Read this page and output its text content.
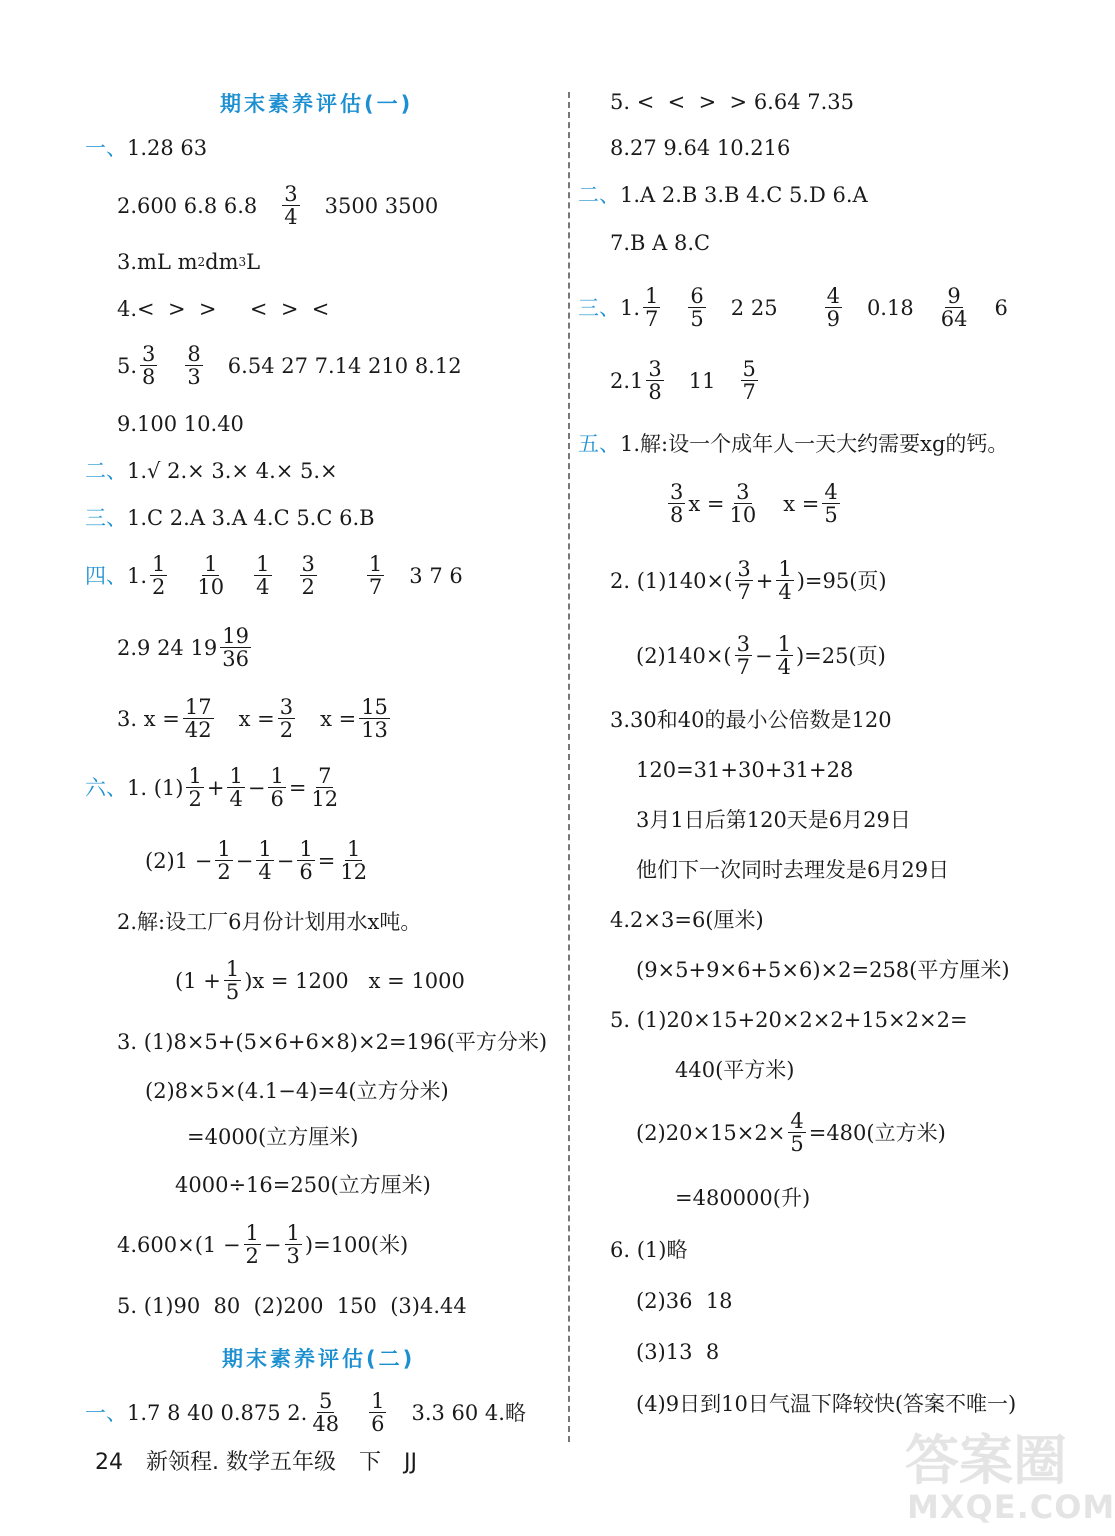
期末素养评估(一)
一、 1.28 63
2.600 6.8 $6.8 \frac{3}{4} 3500$ 3500
3.mL m 2 dm 3 L
4.<  >  >     <  >  <
5. $\frac{3}{8} \frac{8}{3} 6.54$ 27 7.14 210 8.12
9.100 10.40
二、 1.√ 2.× 3.× 4.× 5.×
三、 1.C 2.A 3.A 4.C 5.C 6.B
四、 1. $\frac{1}{2} \frac{1}{10} \frac{1}{4} \frac{3}{2} \frac{1}{7} 3$ 7 6
2.9 24 $19 \frac{19}{36}$
3. $x = \frac{17}{42}$ $x = \frac{3}{2}$ $x = \frac{15}{13}$
六、 1. $(1) \frac{1}{2} + \frac{1}{4} - \frac{1}{6} = \frac{7}{12}$
$(2)1 - \frac{1}{2} - \frac{1}{4} - \frac{1}{6} = \frac{1}{12}$
2.解:设工厂6月份计划用水x吨。
$(1 + \frac{1}{5} )x = 1200$   x = 1000
3. (1)8×5+(5×6+6×8)×2=196(平方分米)
(2)8×5×(4.1−4)=4(立方分米)
=4000(立方厘米)
4000÷16=250(立方厘米)
$4.600\times(1 - \frac{1}{2} - \frac{1}{3} )=100$(米)
5. (1)90  80  (2)200  150  (3)4.44
期末素养评估(二)
一、 1.7 8 40 0.875 2. $\frac{5}{48} \frac{1}{6} 3.3$ 60 4.略
5. <  <  >  > 6.64 7.35
8.27 9.64 10.216
二、 1.A 2.B 3.B 4.C 5.D 6.A
7.B A 8.C
三、 1. $\frac{1}{7} \frac{6}{5} 2$ $25 \frac{4}{9} 0.18 \frac{9}{64} 6$
$2.1 \frac{3}{8} 11 \frac{5}{7}$
五、 1.解:设一个成年人一天大约需要xg的钙。
$\frac{3}{8}$ $x = \frac{3}{10}$ $x = \frac{4}{5}$
2. $(1)140\times( \frac{3}{7} + \frac{1}{4} )=95$(页)
$(2)140\times( \frac{3}{7} - \frac{1}{4} )=25$(页)
3.30和40的最小公倍数是120
120=31+30+31+28
3月1日后第120天是6月29日
他们下一次同时去理发是6月29日
4.2×3=6(厘米)
(9×5+9×6+5×6)×2=258(平方厘米)
5. (1)20×15+20×2×2+15×2×2=
440(平方米)
$(2)20\times 15\times 2\times \frac{4}{5} =480$(立方米)
=480000(升)
6. (1)略
(2)36  18
(3)13  8
(4)9日到10日气温下降较快(答案不唯一)
24 新领程. 数学五年级 下 JJ	答案圈
MXQE.COM
